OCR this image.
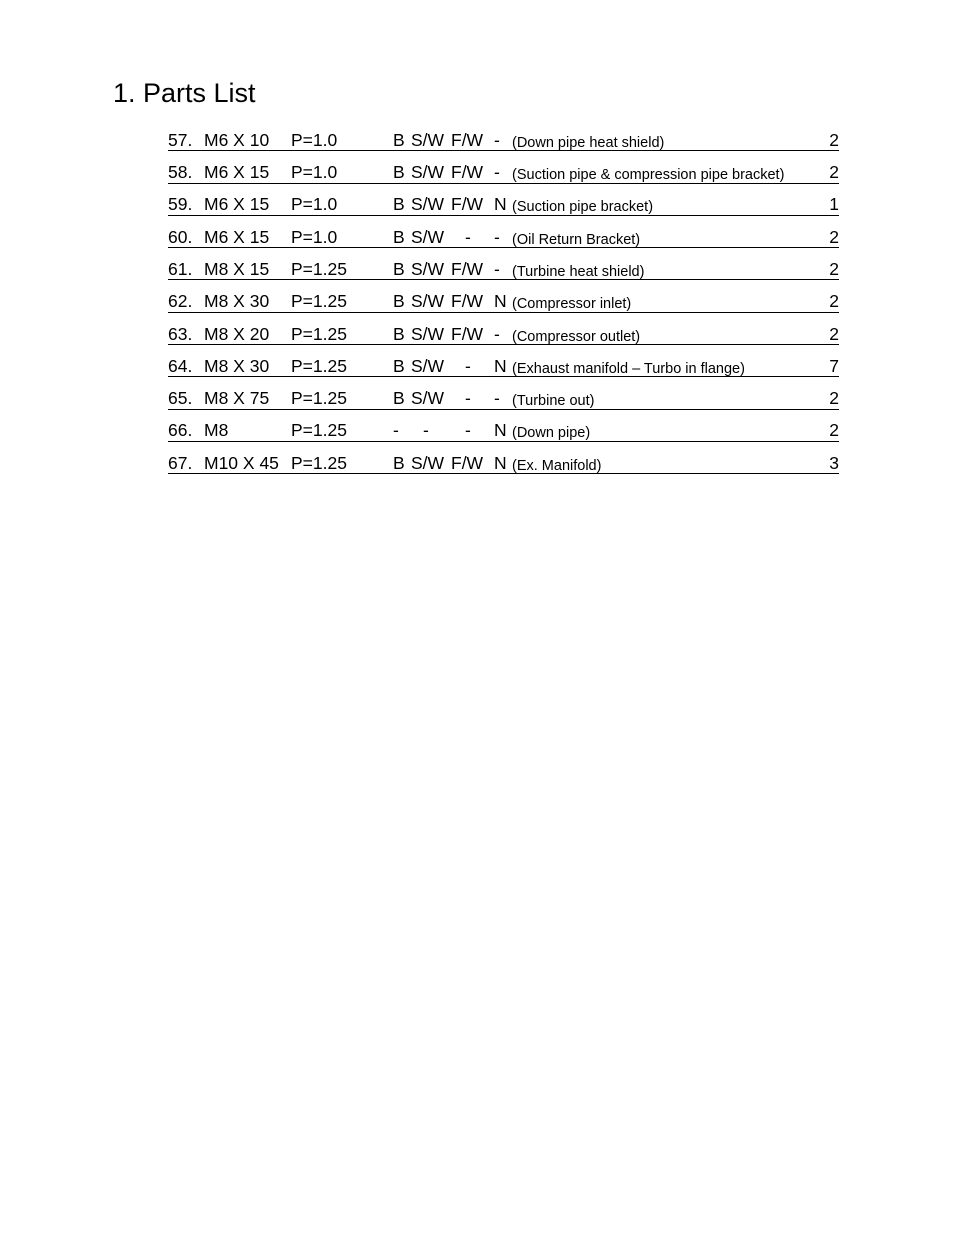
1. Parts List
57. M6 X 10 P=1.0	B S/W F/W - (Down pipe heat shield)	2
58. M6 X 15 P=1.0	B S/W F/W - (Suction pipe & compression pipe bracket)	2
59. M6 X 15 P=1.0	B S/W F/W N (Suction pipe bracket)	1
60. M6 X 15 P=1.0	B S/W - - (Oil Return Bracket)	2
61. M8 X 15 P=1.25	B S/W F/W - (Turbine heat shield)	2
62. M8 X 30 P=1.25	B S/W F/W N (Compressor inlet)	2
63. M8 X 20 P=1.25	B S/W F/W - (Compressor outlet)	2
64. M8 X 30 P=1.25	B S/W - N (Exhaust manifold – Turbo in flange)	7
65. M8 X 75 P=1.25	B S/W - - (Turbine out)	2
66. M8	P=1.25	- - - N (Down pipe)	2
67. M10 X 45 P=1.25	B S/W F/W N (Ex. Manifold)	3
